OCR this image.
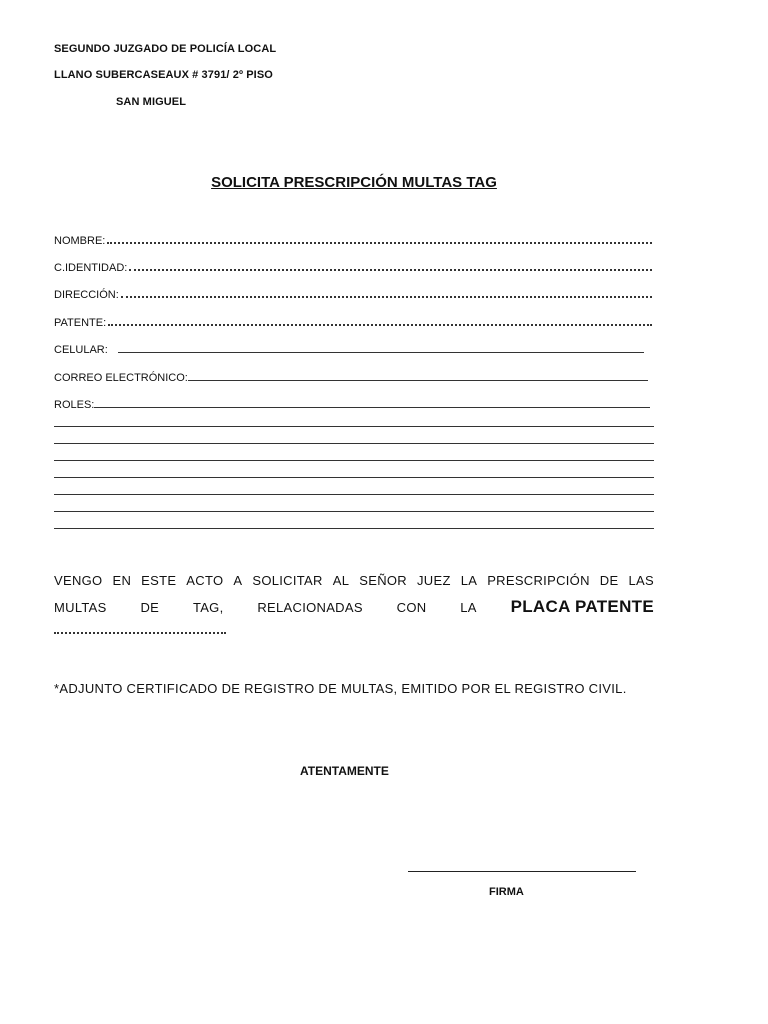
SEGUNDO JUZGADO DE POLICÍA LOCAL
LLANO SUBERCASEAUX # 3791/ 2º PISO
SAN MIGUEL
SOLICITA PRESCRIPCIÓN MULTAS TAG
NOMBRE:
C.IDENTIDAD:
DIRECCIÓN:
PATENTE:
CELULAR:
CORREO ELECTRÓNICO:
ROLES:
VENGO EN ESTE ACTO A SOLICITAR AL SEÑOR JUEZ LA PRESCRIPCIÓN DE LAS
MULTAS	DE	TAG,	RELACIONADAS	CON	LA PLACA PATENTE
*ADJUNTO CERTIFICADO DE REGISTRO DE MULTAS, EMITIDO POR EL REGISTRO CIVIL.
ATENTAMENTE
FIRMA
